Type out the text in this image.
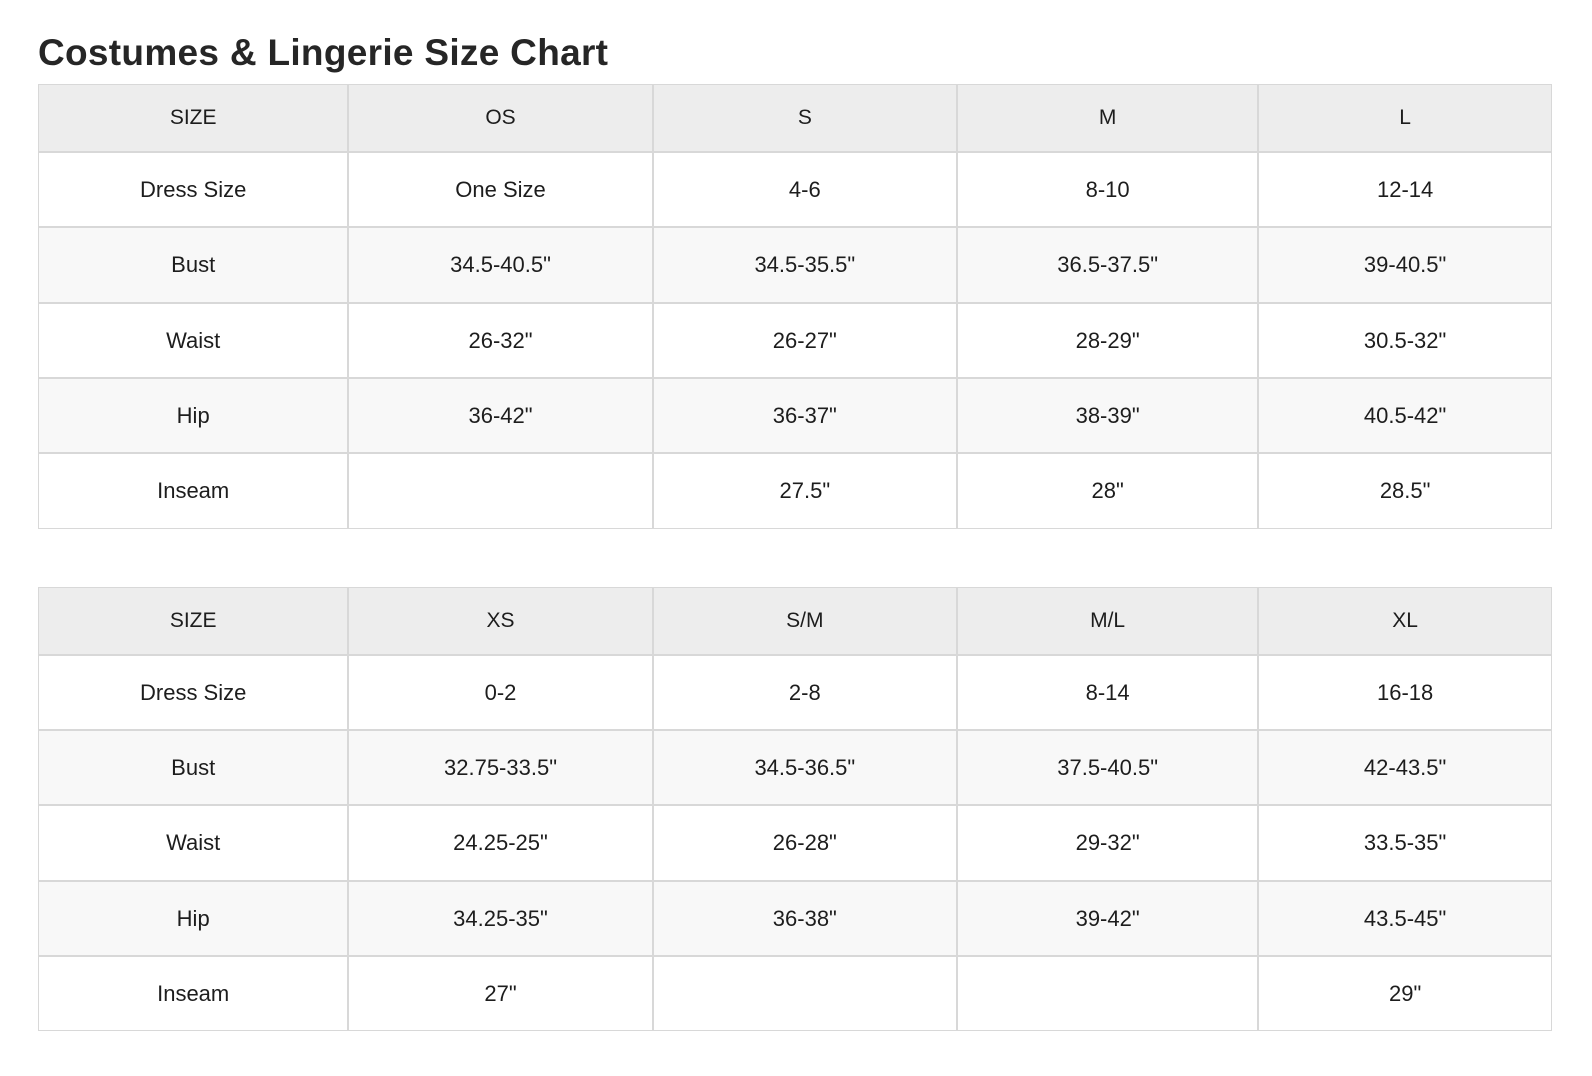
Costumes & Lingerie Size Chart
SIZE	OS	S	M	L
Dress Size	One Size	4-6	8-10	12-14
Bust	34.5-40.5"	34.5-35.5"	36.5-37.5"	39-40.5"
Waist	26-32"	26-27"	28-29"	30.5-32"
Hip	36-42"	36-37"	38-39"	40.5-42"
Inseam		27.5"	28"	28.5"
SIZE	XS	S/M	M/L	XL
Dress Size	0-2	2-8	8-14	16-18
Bust	32.75-33.5"	34.5-36.5"	37.5-40.5"	42-43.5"
Waist	24.25-25"	26-28"	29-32"	33.5-35"
Hip	34.25-35"	36-38"	39-42"	43.5-45"
Inseam	27"			29"
